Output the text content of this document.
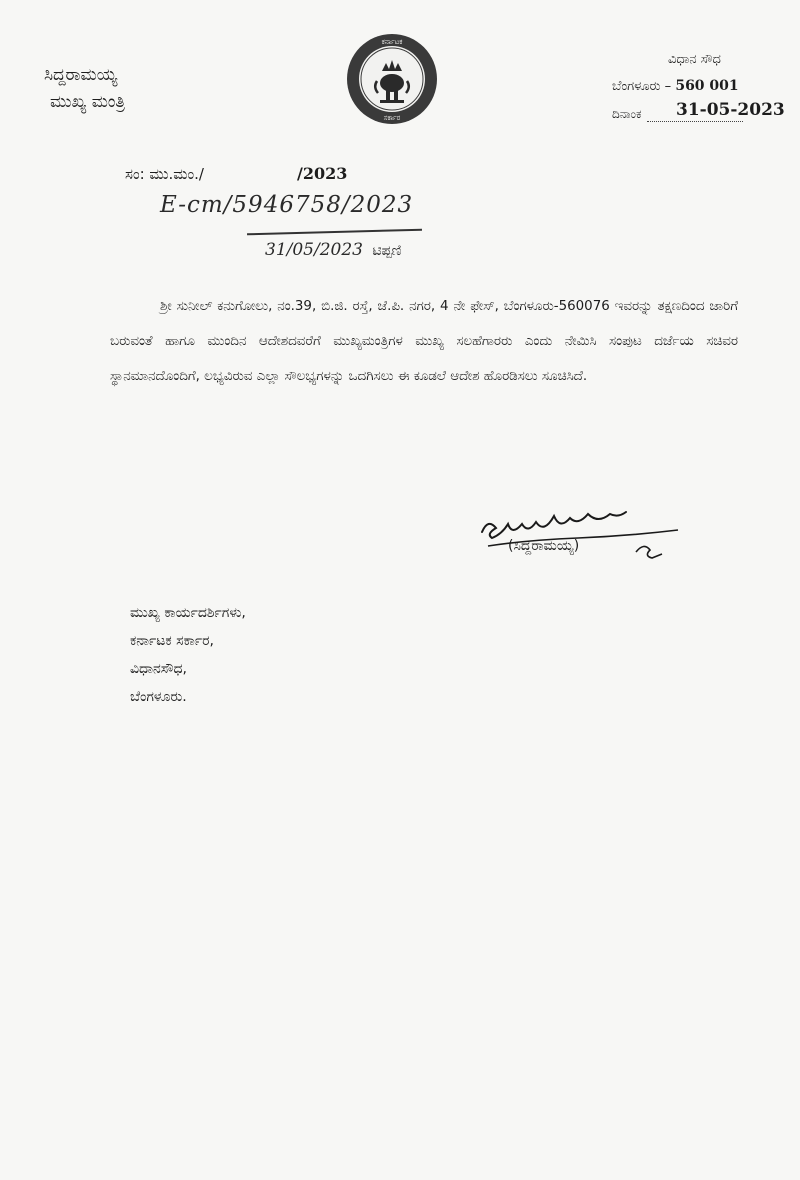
ಸಿದ್ದರಾಮಯ್ಯ
ಮುಖ್ಯ ಮಂತ್ರಿ
ಕರ್ನಾಟಕ
ಸರ್ಕಾರ
ವಿಧಾನ ಸೌಧ
ಬೆಂಗಳೂರು – 560 001
ದಿನಾಂಕ 31-05-2023
ಸಂ: ಮು.ಮಂ./	/2023
E-cm/5946758/2023
31/05/2023 ಟಿಪ್ಪಣಿ

ಶ್ರೀ ಸುನೀಲ್ ಕನುಗೋಲು, ನಂ.39, ಬಿ.ಜಿ. ರಸ್ತೆ, ಜೆ.ಪಿ. ನಗರ, 4 ನೇ ಫೇಸ್, ಬೆಂಗಳೂರು-560076 ಇವರನ್ನು ತಕ್ಷಣದಿಂದ ಜಾರಿಗೆ ಬರುವಂತೆ ಹಾಗೂ ಮುಂದಿನ ಆದೇಶದವರೆಗೆ ಮುಖ್ಯಮಂತ್ರಿಗಳ ಮುಖ್ಯ ಸಲಹೆಗಾರರು ಎಂದು ನೇಮಿಸಿ ಸಂಪುಟ ದರ್ಜೆಯ ಸಚಿವರ ಸ್ಥಾನಮಾನದೊಂದಿಗೆ, ಲಭ್ಯವಿರುವ ಎಲ್ಲಾ ಸೌಲಭ್ಯಗಳನ್ನು ಒದಗಿಸಲು ಈ ಕೂಡಲೆ ಆದೇಶ ಹೊರಡಿಸಲು ಸೂಚಿಸಿದೆ.

(ಸಿದ್ದರಾಮಯ್ಯ)
ಮುಖ್ಯ ಕಾರ್ಯದರ್ಶಿಗಳು,
ಕರ್ನಾಟಕ ಸರ್ಕಾರ,
ವಿಧಾನಸೌಧ,
ಬೆಂಗಳೂರು.
